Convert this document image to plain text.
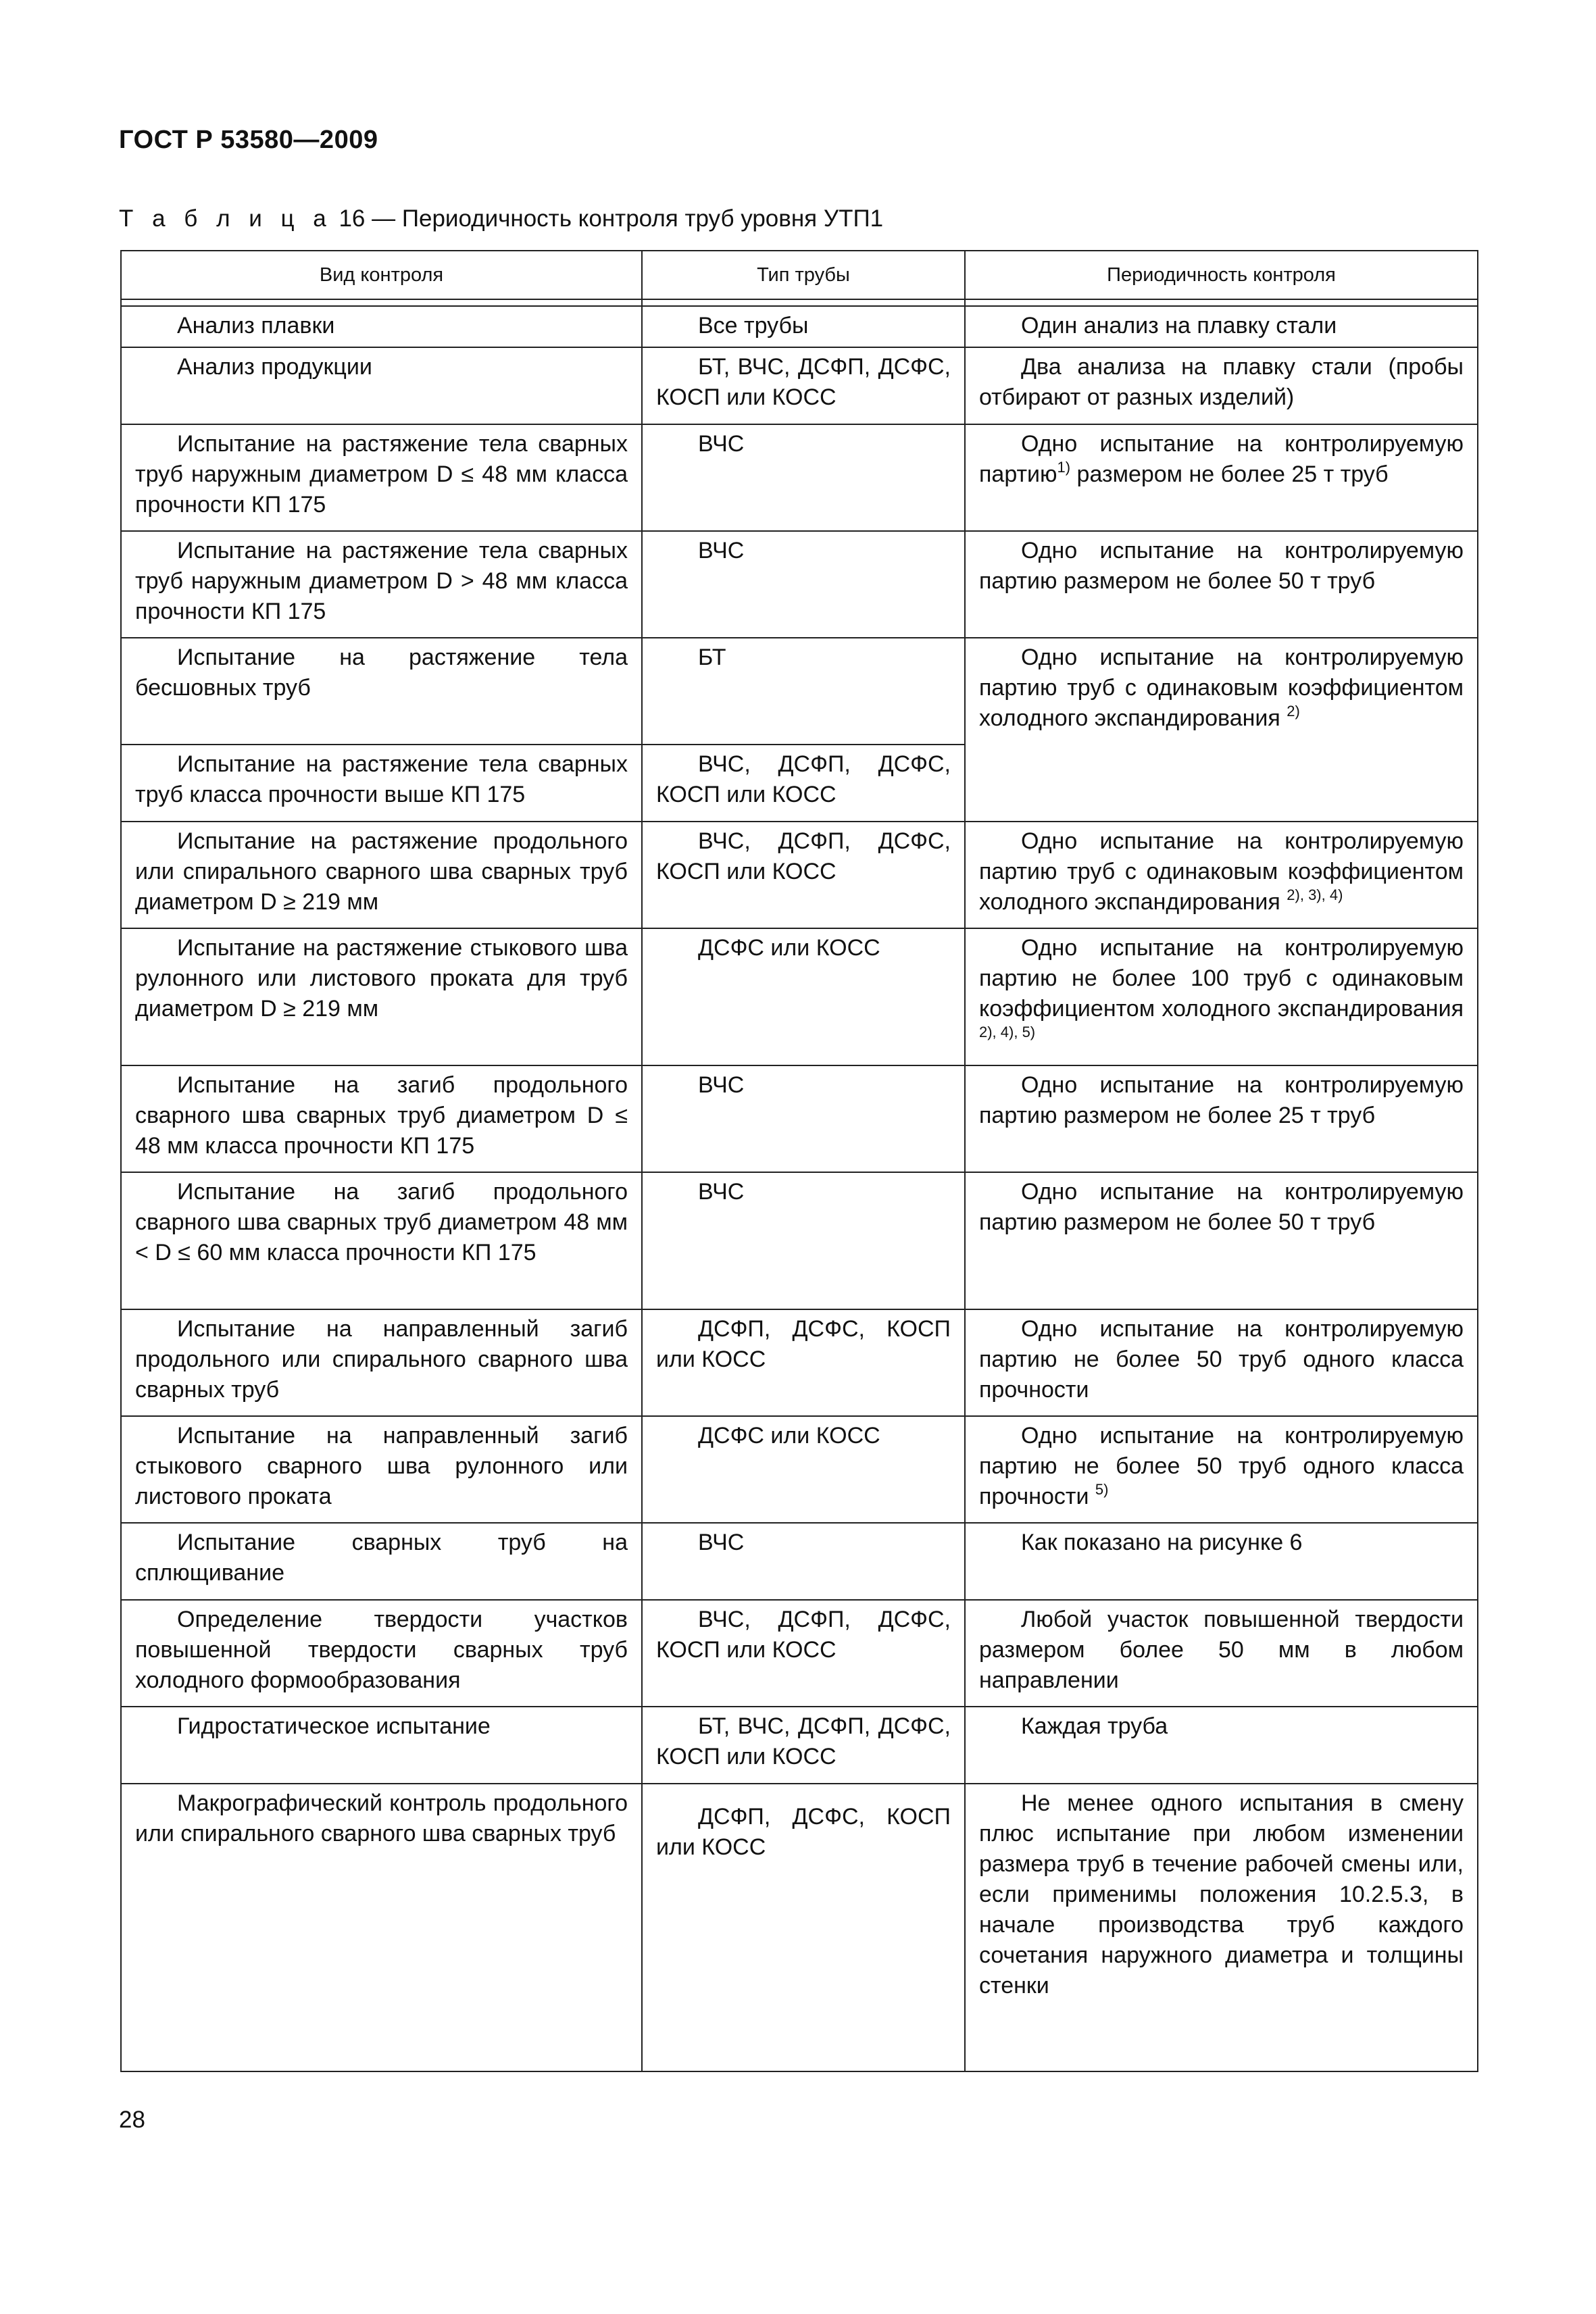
ГОСТ Р 53580—2009
Т а б л и ц а 16 — Периодичность контроля труб уровня УТП1
Вид контроля	Тип трубы	Периодичность контроля

Анализ плавки	Все трубы	Один анализ на плавку стали
Анализ продукции	БТ, ВЧС, ДСФП, ДСФС, КОСП или КОСС	Два анализа на плавку стали (пробы отбирают от разных изделий)
Испытание на растяжение тела сварных труб наружным диаметром D ≤ 48 мм класса прочности КП 175	ВЧС	Одно испытание на контролируемую партию$^{1)}$ размером не более 25 т труб
Испытание на растяжение тела сварных труб наружным диаметром D > 48 мм класса прочности КП 175	ВЧС	Одно испытание на контролируемую партию размером не более 50 т труб
Испытание на растяжение тела бесшовных труб	БТ	Одно испытание на контролируемую партию труб с одинаковым коэффициентом холодного экспандирования $^{2)}$
Испытание на растяжение тела сварных труб класса прочности выше КП 175	ВЧС, ДСФП, ДСФС, КОСП или КОСС	
Испытание на растяжение продольного или спирального сварного шва сварных труб диаметром D ≥ 219 мм	ВЧС, ДСФП, ДСФС, КОСП или КОСС	Одно испытание на контролируемую партию труб с одинаковым коэффициентом холодного экспандирования $^{2), 3), 4)}$
Испытание на растяжение стыкового шва рулонного или листового проката для труб диаметром D ≥ 219 мм	ДСФС или КОСС	Одно испытание на контролируемую партию не более 100 труб с одинаковым коэффициентом холодного экспандирования $^{2), 4), 5)}$
Испытание на загиб продольного сварного шва сварных труб диаметром D ≤ 48 мм класса прочности КП 175	ВЧС	Одно испытание на контролируемую партию размером не более 25 т труб
Испытание на загиб продольного сварного шва сварных труб диаметром 48 мм < D ≤ 60 мм класса прочности КП 175	ВЧС	Одно испытание на контролируемую партию размером не более 50 т труб
Испытание на направленный загиб продольного или спирального сварного шва сварных труб	ДСФП, ДСФС, КОСП или КОСС	Одно испытание на контролируемую партию не более 50 труб одного класса прочности
Испытание на направленный загиб стыкового сварного шва рулонного или листового проката	ДСФС или КОСС	Одно испытание на контролируемую партию не более 50 труб одного класса прочности $^{5)}$
Испытание сварных труб на сплющивание	ВЧС	Как показано на рисунке 6
Определение твердости участков повышенной твердости сварных труб холодного формообразования	ВЧС, ДСФП, ДСФС, КОСП или КОСС	Любой участок повышенной твердости размером более 50 мм в любом направлении
Гидростатическое испытание	БТ, ВЧС, ДСФП, ДСФС, КОСП или КОСС	Каждая труба
Макрографический контроль продольного или спирального сварного шва сварных труб	ДСФП, ДСФС, КОСП или КОСС	Не менее одного испытания в смену плюс испытание при любом изменении размера труб в течение рабочей смены или, если применимы положения 10.2.5.3, в начале производства труб каждого сочетания наружного диаметра и толщины стенки
28
